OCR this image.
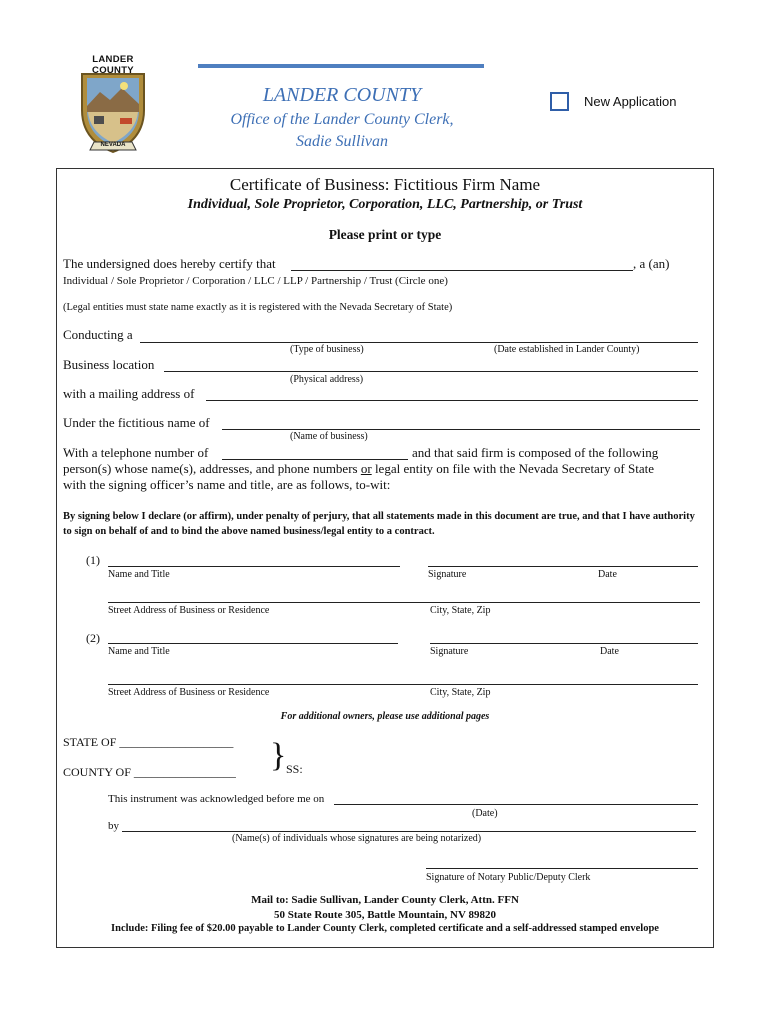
LANDER COUNTY
NEVADA
LANDER COUNTY
Office of the Lander County Clerk,
Sadie Sullivan
New Application
Certificate of Business: Fictitious Firm Name
Individual, Sole Proprietor, Corporation, LLC, Partnership, or Trust
Please print or type
The undersigned does hereby certify that	, a (an)
Individual / Sole Proprietor / Corporation / LLC / LLP / Partnership / Trust (Circle one)
(Legal entities must state name exactly as it is registered with the Nevada Secretary of State)
Conducting a
(Type of business)	(Date established in Lander County)
Business location
(Physical address)
with a mailing address of
Under the fictitious name of
(Name of business)
With a telephone number of	and that said firm is composed of the following
person(s) whose name(s), addresses, and phone numbers or legal entity on file with the Nevada Secretary of State
with the signing officer’s name and title, are as follows, to-wit:
By signing below I declare (or affirm), under penalty of perjury, that all statements made in this document are true, and that I have authority to sign on behalf of and to bind the above named business/legal entity to a contract.
(1)
Name and Title	Signature	Date
Street Address of Business or Residence	City, State, Zip
(2)
Name and Title	Signature	Date
Street Address of Business or Residence	City, State, Zip
For additional owners, please use additional pages
STATE OF ___________________
COUNTY OF _________________ } SS:
This instrument was acknowledged before me on
(Date)
by
(Name(s) of individuals whose signatures are being notarized)
Signature of Notary Public/Deputy Clerk
Mail to: Sadie Sullivan, Lander County Clerk, Attn. FFN
50 State Route 305, Battle Mountain, NV 89820
Include: Filing fee of $20.00 payable to Lander County Clerk, completed certificate and a self-addressed stamped envelope
